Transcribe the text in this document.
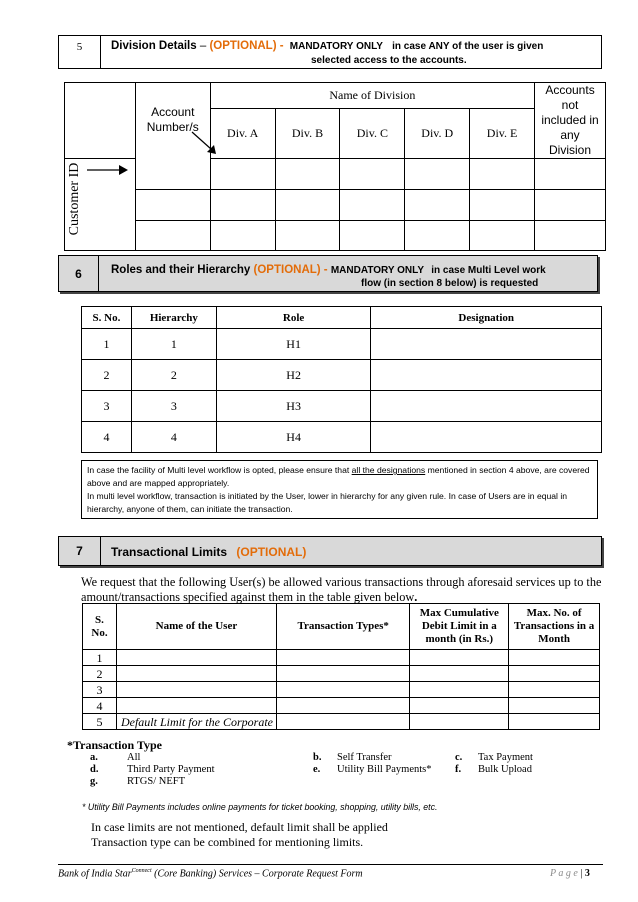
5	Division Details – (OPTIONAL) - MANDATORY ONLY in case ANY of the user is given
selected access to the accounts.

		Account Number/s	Name of Division					Accounts not included in any Division
			Div. A	Div. B	Div. C	Div. D	Div. E	

Customer ID								

6	Roles and their Hierarchy (OPTIONAL) - MANDATORY ONLY in case Multi Level work
flow (in section 8 below) is requested
S. No.	Hierarchy	Role	Designation
1	1	H1	
2	2	H2	
3	3	H3	
4	4	H4	
In case the facility of Multi level workflow is opted, please ensure that all the designations mentioned in section 4 above, are covered above and are mapped appropriately.
In multi level workflow, transaction is initiated by the User, lower in hierarchy for any given rule. In case of Users are in equal in hierarchy, anyone of them, can initiate the transaction.
7	Transactional Limits (OPTIONAL)
We request that the following User(s) be allowed various transactions through aforesaid services up to the amount/transactions specified against them in the table given below.
S. No.	Name of the User	Transaction Types*	Max Cumulative Debit Limit in a month (in Rs.)	Max. No. of Transactions in a Month
1				
2				
3				
4				
5	Default Limit for the Corporate			
*Transaction Type
a.	All	b.	Self Transfer	c.	Tax Payment
d.	Third Party Payment	e.	Utility Bill Payments*	f.	Bulk Upload
g.	RTGS/ NEFT				
* Utility Bill Payments includes online payments for ticket booking, shopping, utility bills, etc.
In case limits are not mentioned, default limit shall be applied
Transaction type can be combined for mentioning limits.
Bank of India Star$^{Connect}$ (Core Banking) Services – Corporate Request Form	P a g e | 3
